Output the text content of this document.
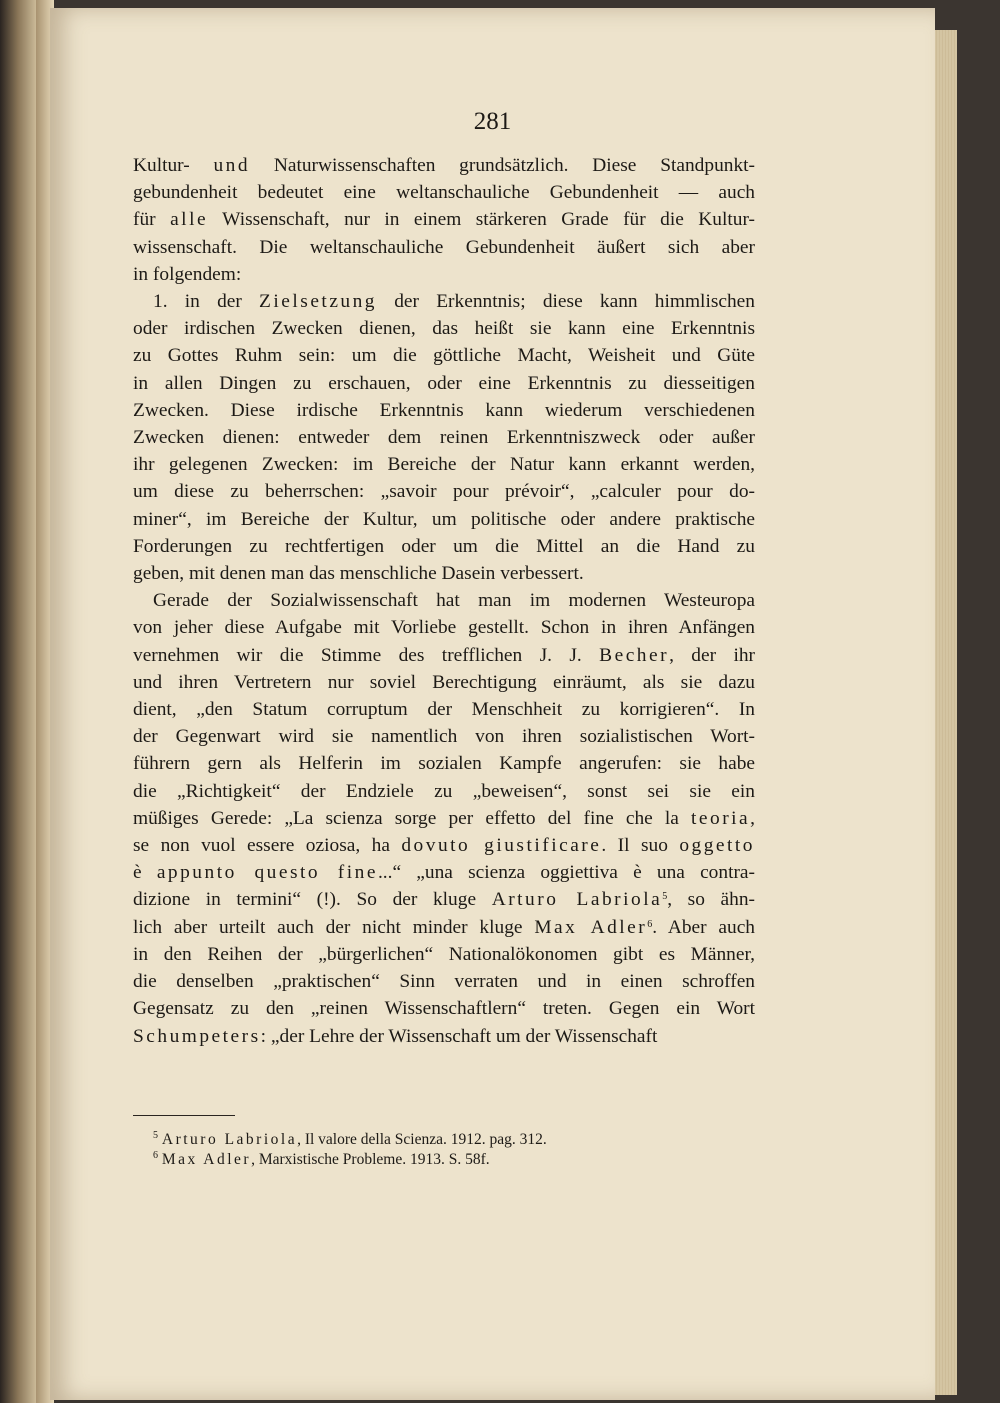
281
Kultur- und Naturwissenschaften grundsätzlich. Diese Standpunkt-
gebundenheit bedeutet eine weltanschauliche Gebundenheit — auch
für alle Wissenschaft, nur in einem stärkeren Grade für die Kultur-
wissenschaft. Die weltanschauliche Gebundenheit äußert sich aber
in folgendem:
1. in der Zielsetzung der Erkenntnis; diese kann himmlischen
oder irdischen Zwecken dienen, das heißt sie kann eine Erkenntnis
zu Gottes Ruhm sein: um die göttliche Macht, Weisheit und Güte
in allen Dingen zu erschauen, oder eine Erkenntnis zu diesseitigen
Zwecken. Diese irdische Erkenntnis kann wiederum verschiedenen
Zwecken dienen: entweder dem reinen Erkenntniszweck oder außer
ihr gelegenen Zwecken: im Bereiche der Natur kann erkannt werden,
um diese zu beherrschen: „savoir pour prévoir“, „calculer pour do-
miner“, im Bereiche der Kultur, um politische oder andere praktische
Forderungen zu rechtfertigen oder um die Mittel an die Hand zu
geben, mit denen man das menschliche Dasein verbessert.
Gerade der Sozialwissenschaft hat man im modernen Westeuropa
von jeher diese Aufgabe mit Vorliebe gestellt. Schon in ihren Anfängen
vernehmen wir die Stimme des trefflichen J. J. Becher, der ihr
und ihren Vertretern nur soviel Berechtigung einräumt, als sie dazu
dient, „den Statum corruptum der Menschheit zu korrigieren“. In
der Gegenwart wird sie namentlich von ihren sozialistischen Wort-
führern gern als Helferin im sozialen Kampfe angerufen: sie habe
die „Richtigkeit“ der Endziele zu „beweisen“, sonst sei sie ein
müßiges Gerede: „La scienza sorge per effetto del fine che la teoria,
se non vuol essere oziosa, ha dovuto giustificare. Il suo oggetto
è appunto questo fine...“ „una scienza oggiettiva è una contra-
dizione in termini“ (!). So der kluge Arturo Labriola$^5$, so ähn-
lich aber urteilt auch der nicht minder kluge Max Adler$^6$. Aber auch
in den Reihen der „bürgerlichen“ Nationalökonomen gibt es Männer,
die denselben „praktischen“ Sinn verraten und in einen schroffen
Gegensatz zu den „reinen Wissenschaftlern“ treten. Gegen ein Wort
Schumpeters: „der Lehre der Wissenschaft um der Wissenschaft
$^5$ Arturo Labriola, Il valore della Scienza. 1912. pag. 312.
$^6$ Max Adler, Marxistische Probleme. 1913. S. 58f.
